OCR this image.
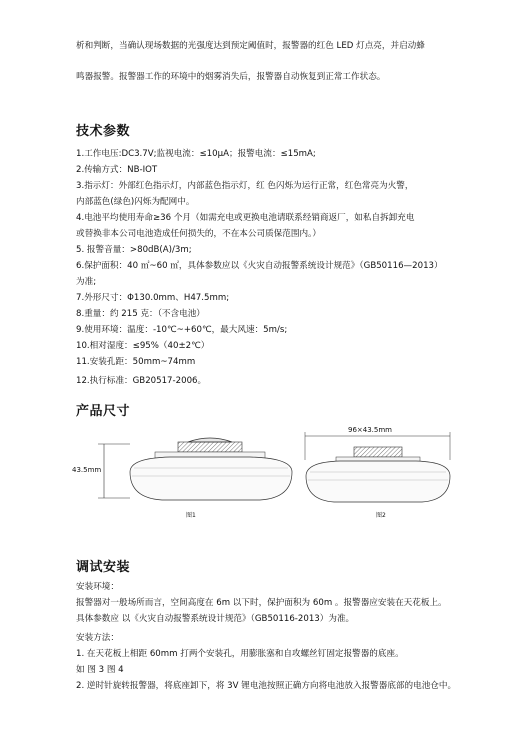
析和判断，当确认现场数据的光强度达到预定阈值时，报警器的红色 LED 灯点亮，并启动蜂
鸣器报警。报警器工作的环境中的烟雾消失后，报警器自动恢复到正常工作状态。
技术参数
1.工作电压:DC3.7V;监视电流：≤10μA；报警电流：≤15mA;
2.传输方式：NB-IOT
3.指示灯：外部红色指示灯，内部蓝色指示灯，红 色闪烁为运行正常，红色常亮为火警，
内部蓝色(绿色)闪烁为配网中。
4.电池平均使用寿命≥36 个月（如需充电或更换电池请联系经销商返厂，如私自拆卸充电
或替换非本公司电池造成任何损失的，不在本公司质保范围内。）
5. 报警音量：>80dB(A)/3m;
6.保护面积：40 ㎡~60 ㎡，具体参数应以《火灾自动报警系统设计规范》（GB50116—2013）
为准;
7.外形尺寸：Φ130.0mm、H47.5mm;
8.重量：约 215 克：（不含电池）
9.使用环境：温度：-10℃~+60℃，最大风速：5m/s;
10.相对湿度：≤95%（40±2℃）
11.安装孔距：50mm~74mm
12.执行标准：GB20517-2006。
产品尺寸
43.5mm
96×43.5mm
图1	图2
调试安装
安装环境：
报警器对一般场所而言，空间高度在 6m 以下时，保护面积为 60m 。报警器应安装在天花板上。
具体参数应 以《火灾自动报警系统设计规范》（GB50116-2013）为准。
安装方法：
1. 在天花板上相距 60mm 打两个安装孔，用膨胀塞和自攻螺丝钉固定报警器的底座。
如 图 3 图 4
2. 逆时针旋转报警器，将底座卸下，将 3V 锂电池按照正确方向将电池放入报警器底部的电池仓中。
